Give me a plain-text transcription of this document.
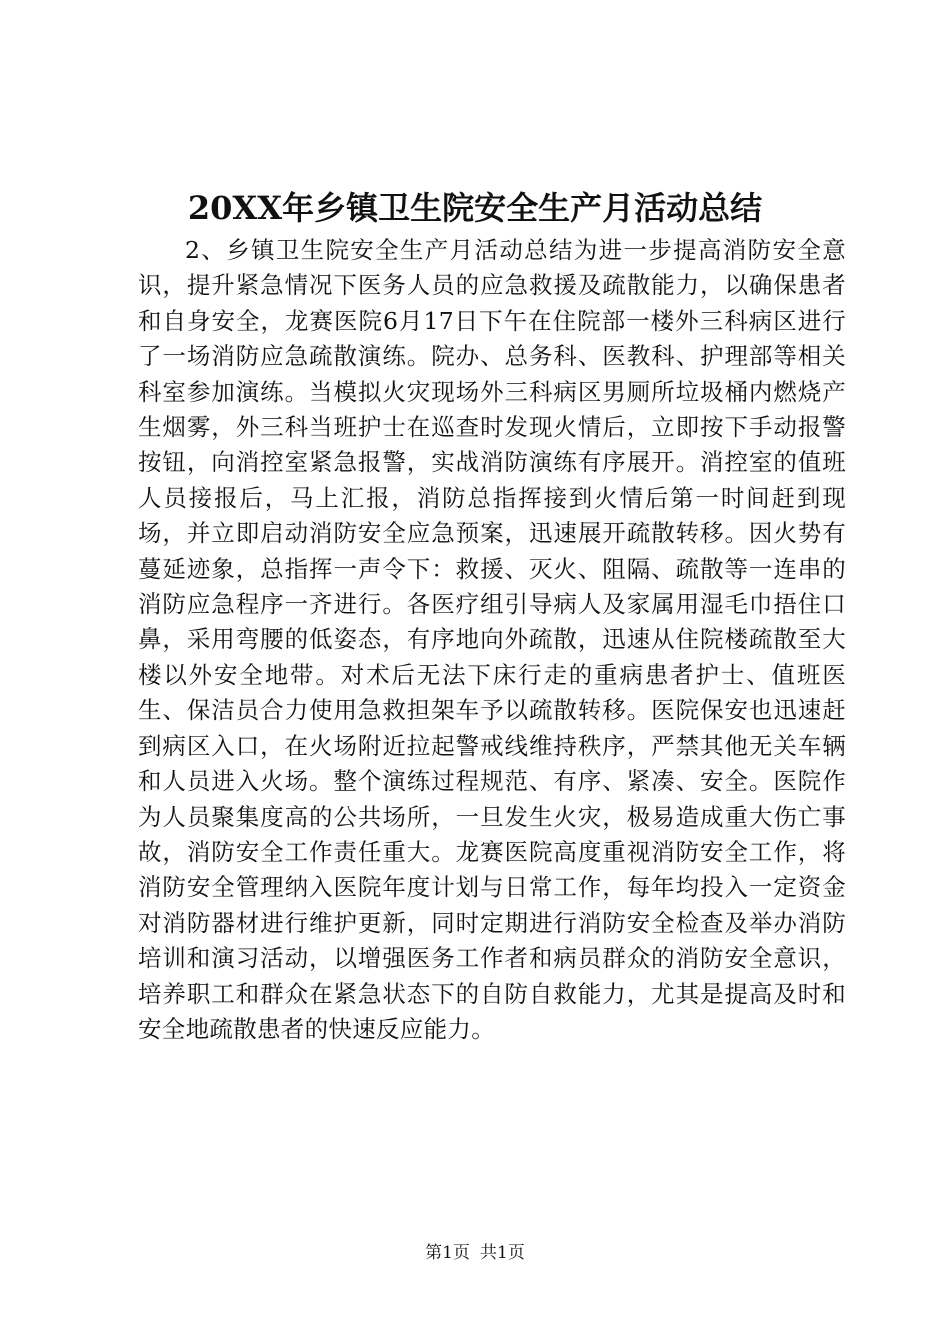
20XX年乡镇卫生院安全生产月活动总结

2、乡镇卫生院安全生产月活动总结为进一步提高消防安全意识，提升紧急情况下医务人员的应急救援及疏散能力，以确保患者和自身安全，龙赛医院6月17日下午在住院部一楼外三科病区进行了一场消防应急疏散演练。院办、总务科、医教科、护理部等相关科室参加演练。当模拟火灾现场外三科病区男厕所垃圾桶内燃烧产生烟雾，外三科当班护士在巡查时发现火情后，立即按下手动报警按钮，向消控室紧急报警，实战消防演练有序展开。消控室的值班人员接报后，马上汇报，消防总指挥接到火情后第一时间赶到现场，并立即启动消防安全应急预案，迅速展开疏散转移。因火势有蔓延迹象，总指挥一声令下：救援、灭火、阻隔、疏散等一连串的消防应急程序一齐进行。各医疗组引导病人及家属用湿毛巾捂住口鼻，采用弯腰的低姿态，有序地向外疏散，迅速从住院楼疏散至大楼以外安全地带。对术后无法下床行走的重病患者护士、值班医生、保洁员合力使用急救担架车予以疏散转移。医院保安也迅速赶到病区入口，在火场附近拉起警戒线维持秩序，严禁其他无关车辆和人员进入火场。整个演练过程规范、有序、紧凑、安全。医院作为人员聚集度高的公共场所，一旦发生火灾，极易造成重大伤亡事故，消防安全工作责任重大。龙赛医院高度重视消防安全工作，将消防安全管理纳入医院年度计划与日常工作，每年均投入一定资金对消防器材进行维护更新，同时定期进行消防安全检查及举办消防培训和演习活动，以增强医务工作者和病员群众的消防安全意识，培养职工和群众在紧急状态下的自防自救能力，尤其是提高及时和安全地疏散患者的快速反应能力。

第1页 共1页
